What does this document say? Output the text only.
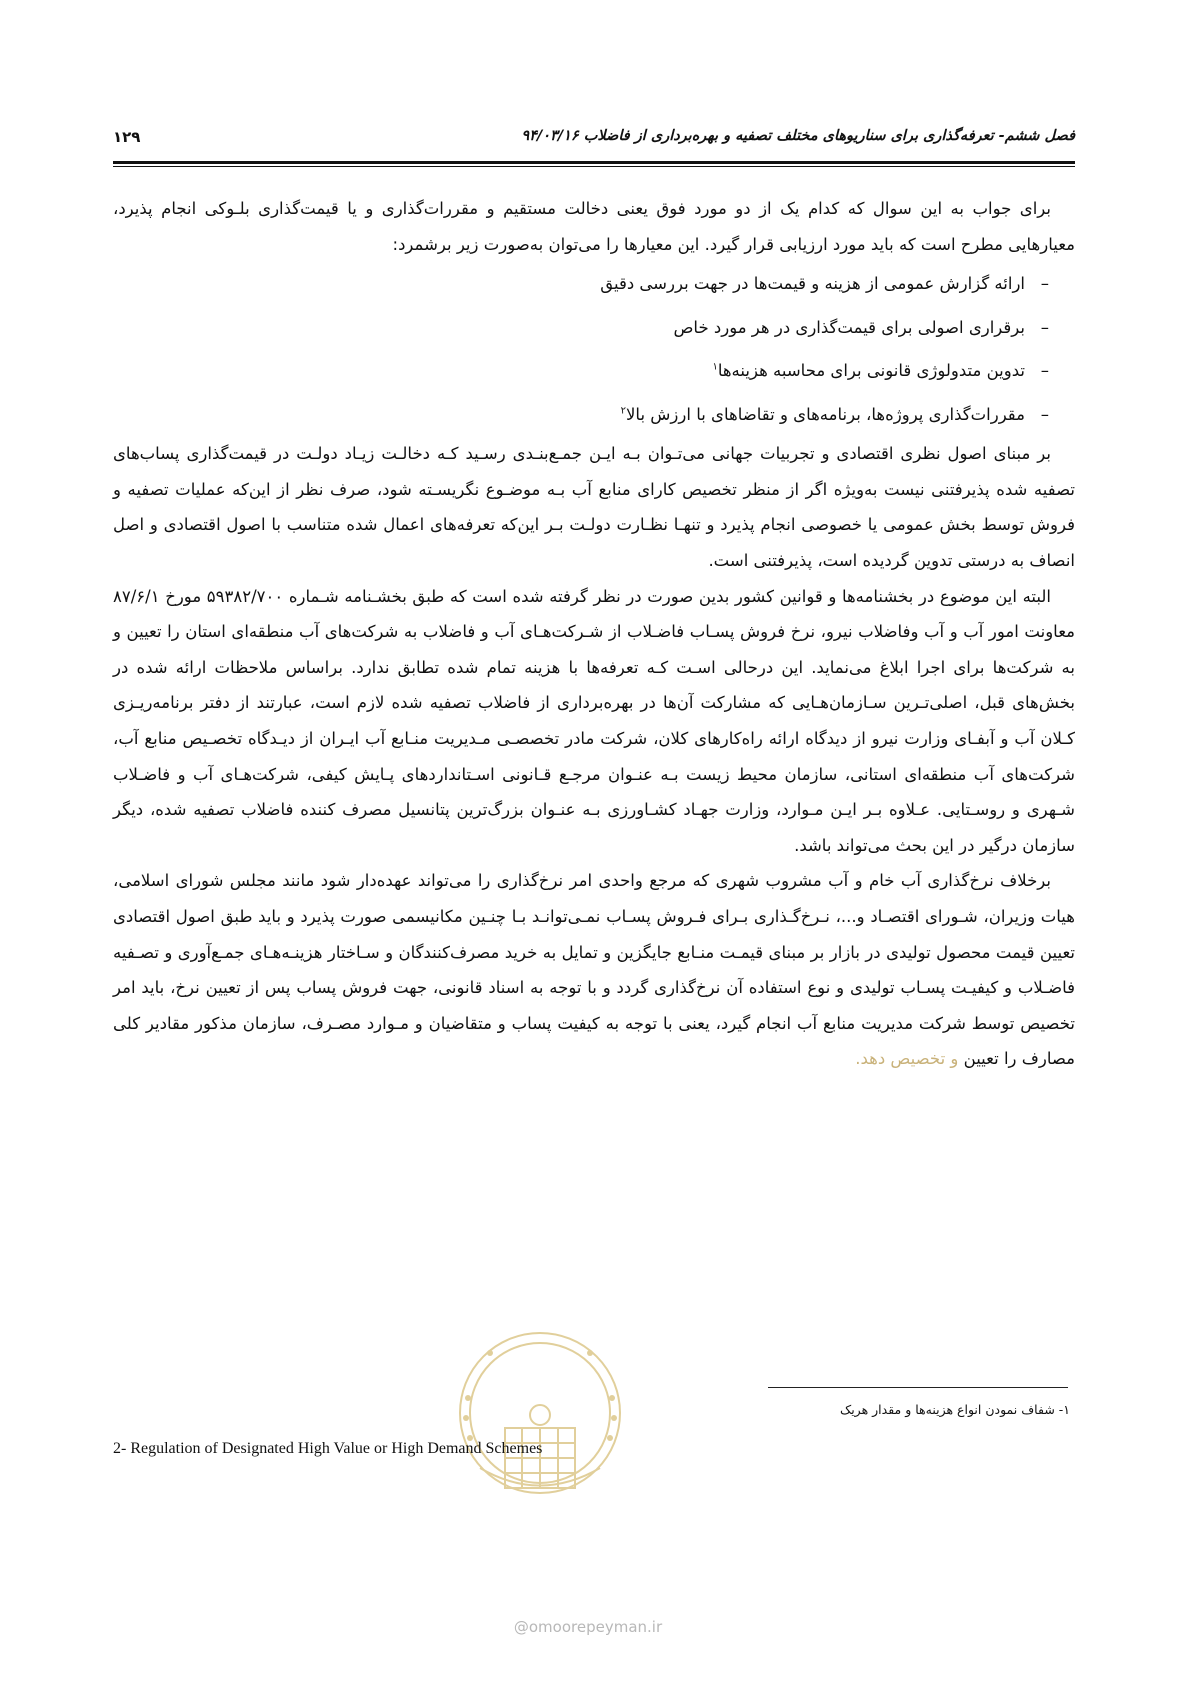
فصل ششم- تعرفه‌گذاری برای سناریوهای مختلف تصفیه و بهره‌برداری از فاضلاب ۹۴/۰۳/۱۶
۱۲۹

برای جواب به این سوال که کدام یک از دو مورد فوق یعنی دخالت مستقیم و مقررات‌گذاری و یا قیمت‌گذاری بلـوکی انجام پذیرد، معیارهایی مطرح است که باید مورد ارزیابی قرار گیرد. این معیارها را می‌توان به‌صورت زیر برشمرد:

–
ارائه گزارش عمومی از هزینه و قیمت‌ها در جهت بررسی دقیق
–
برقراری اصولی برای قیمت‌گذاری در هر مورد خاص
–
تدوین متدولوژی قانونی برای محاسبه هزینه‌ها$^۱$
–
مقررات‌گذاری پروژه‌ها، برنامه‌های و تقاضاهای با ارزش بالا$^۲$

بر مبنای اصول نظری اقتصادی و تجربیات جهانی می‌تـوان بـه ایـن جمـع‌بنـدی رسـید کـه دخالـت زیـاد دولـت در قیمت‌گذاری پساب‌های تصفیه شده پذیرفتنی نیست به‌ویژه اگر از منظر تخصیص کارای منابع آب بـه موضـوع نگریسـته شود، صرف نظر از این‌که عملیات تصفیه و فروش توسط بخش عمومی یا خصوصی انجام پذیرد و تنهـا نظـارت دولـت بـر این‌که تعرفه‌های اعمال شده متناسب با اصول اقتصادی و اصل انصاف به درستی تدوین گردیده است، پذیرفتنی است.

البته این موضوع در بخشنامه‌ها و قوانین کشور بدین صورت در نظر گرفته شده است که طبق بخشـنامه شـماره ۵۹۳۸۲/۷۰۰ مورخ ۸۷/۶/۱ معاونت امور آب و آب وفاضلاب نیرو، نرخ فروش پسـاب فاضـلاب از شـرکت‌هـای آب و فاضلاب به شرکت‌های آب منطقه‌ای استان را تعیین و به شرکت‌ها برای اجرا ابلاغ می‌نماید. این درحالی اسـت کـه تعرفه‌ها با هزینه تمام شده تطابق ندارد. براساس ملاحظات ارائه شده در بخش‌های قبل، اصلی‌تـرین سـازمان‌هـایی که مشارکت آن‌ها در بهره‌برداری از فاضلاب تصفیه شده لازم است، عبارتند از دفتر برنامه‌ریـزی کـلان آب و آبفـای وزارت نیرو از دیدگاه ارائه راه‌کارهای کلان، شرکت مادر تخصصـی مـدیریت منـابع آب ایـران از دیـدگاه تخصـیص منابع آب، شرکت‌های آب منطقه‌ای استانی، سازمان محیط زیست بـه عنـوان مرجـع قـانونی اسـتانداردهای پـایش کیفی، شرکت‌هـای آب و فاضـلاب شـهری و روسـتایی. عـلاوه بـر ایـن مـوارد، وزارت جهـاد کشـاورزی بـه عنـوان بزرگ‌ترین پتانسیل مصرف کننده فاضلاب تصفیه شده، دیگر سازمان درگیر در این بحث می‌تواند باشد.

برخلاف نرخ‌گذاری آب خام و آب مشروب شهری که مرجع واحدی امر نرخ‌گذاری را می‌تواند عهده‌دار شود مانند مجلس شورای اسلامی، هیات وزیران، شـورای اقتصـاد و...، نـرخ‌گـذاری بـرای فـروش پسـاب نمـی‌توانـد بـا چنـین مکانیسمی صورت پذیرد و باید طبق اصول اقتصادی تعیین قیمت محصول تولیدی در بازار بر مبنای قیمـت منـابع جایگزین و تمایل به خرید مصرف‌کنندگان و سـاختار هزینـه‌هـای جمـع‌آوری و تصـفیه فاضـلاب و کیفیـت پسـاب تولیدی و نوع استفاده آن نرخ‌گذاری گردد و با توجه به اسناد قانونی، جهت فروش پساب پس از تعیین نرخ، باید امر تخصیص توسط شرکت مدیریت منابع آب انجام گیرد، یعنی با توجه به کیفیت پساب و متقاضیان و مـوارد مصـرف، سازمان مذکور مقادیر کلی مصارف را تعیین و تخصیص دهد.

@omoorepeyman.ir
۱- شفاف نمودن انواع هزینه‌ها و مقدار هریک
2- Regulation of Designated High Value or High Demand Schemes
